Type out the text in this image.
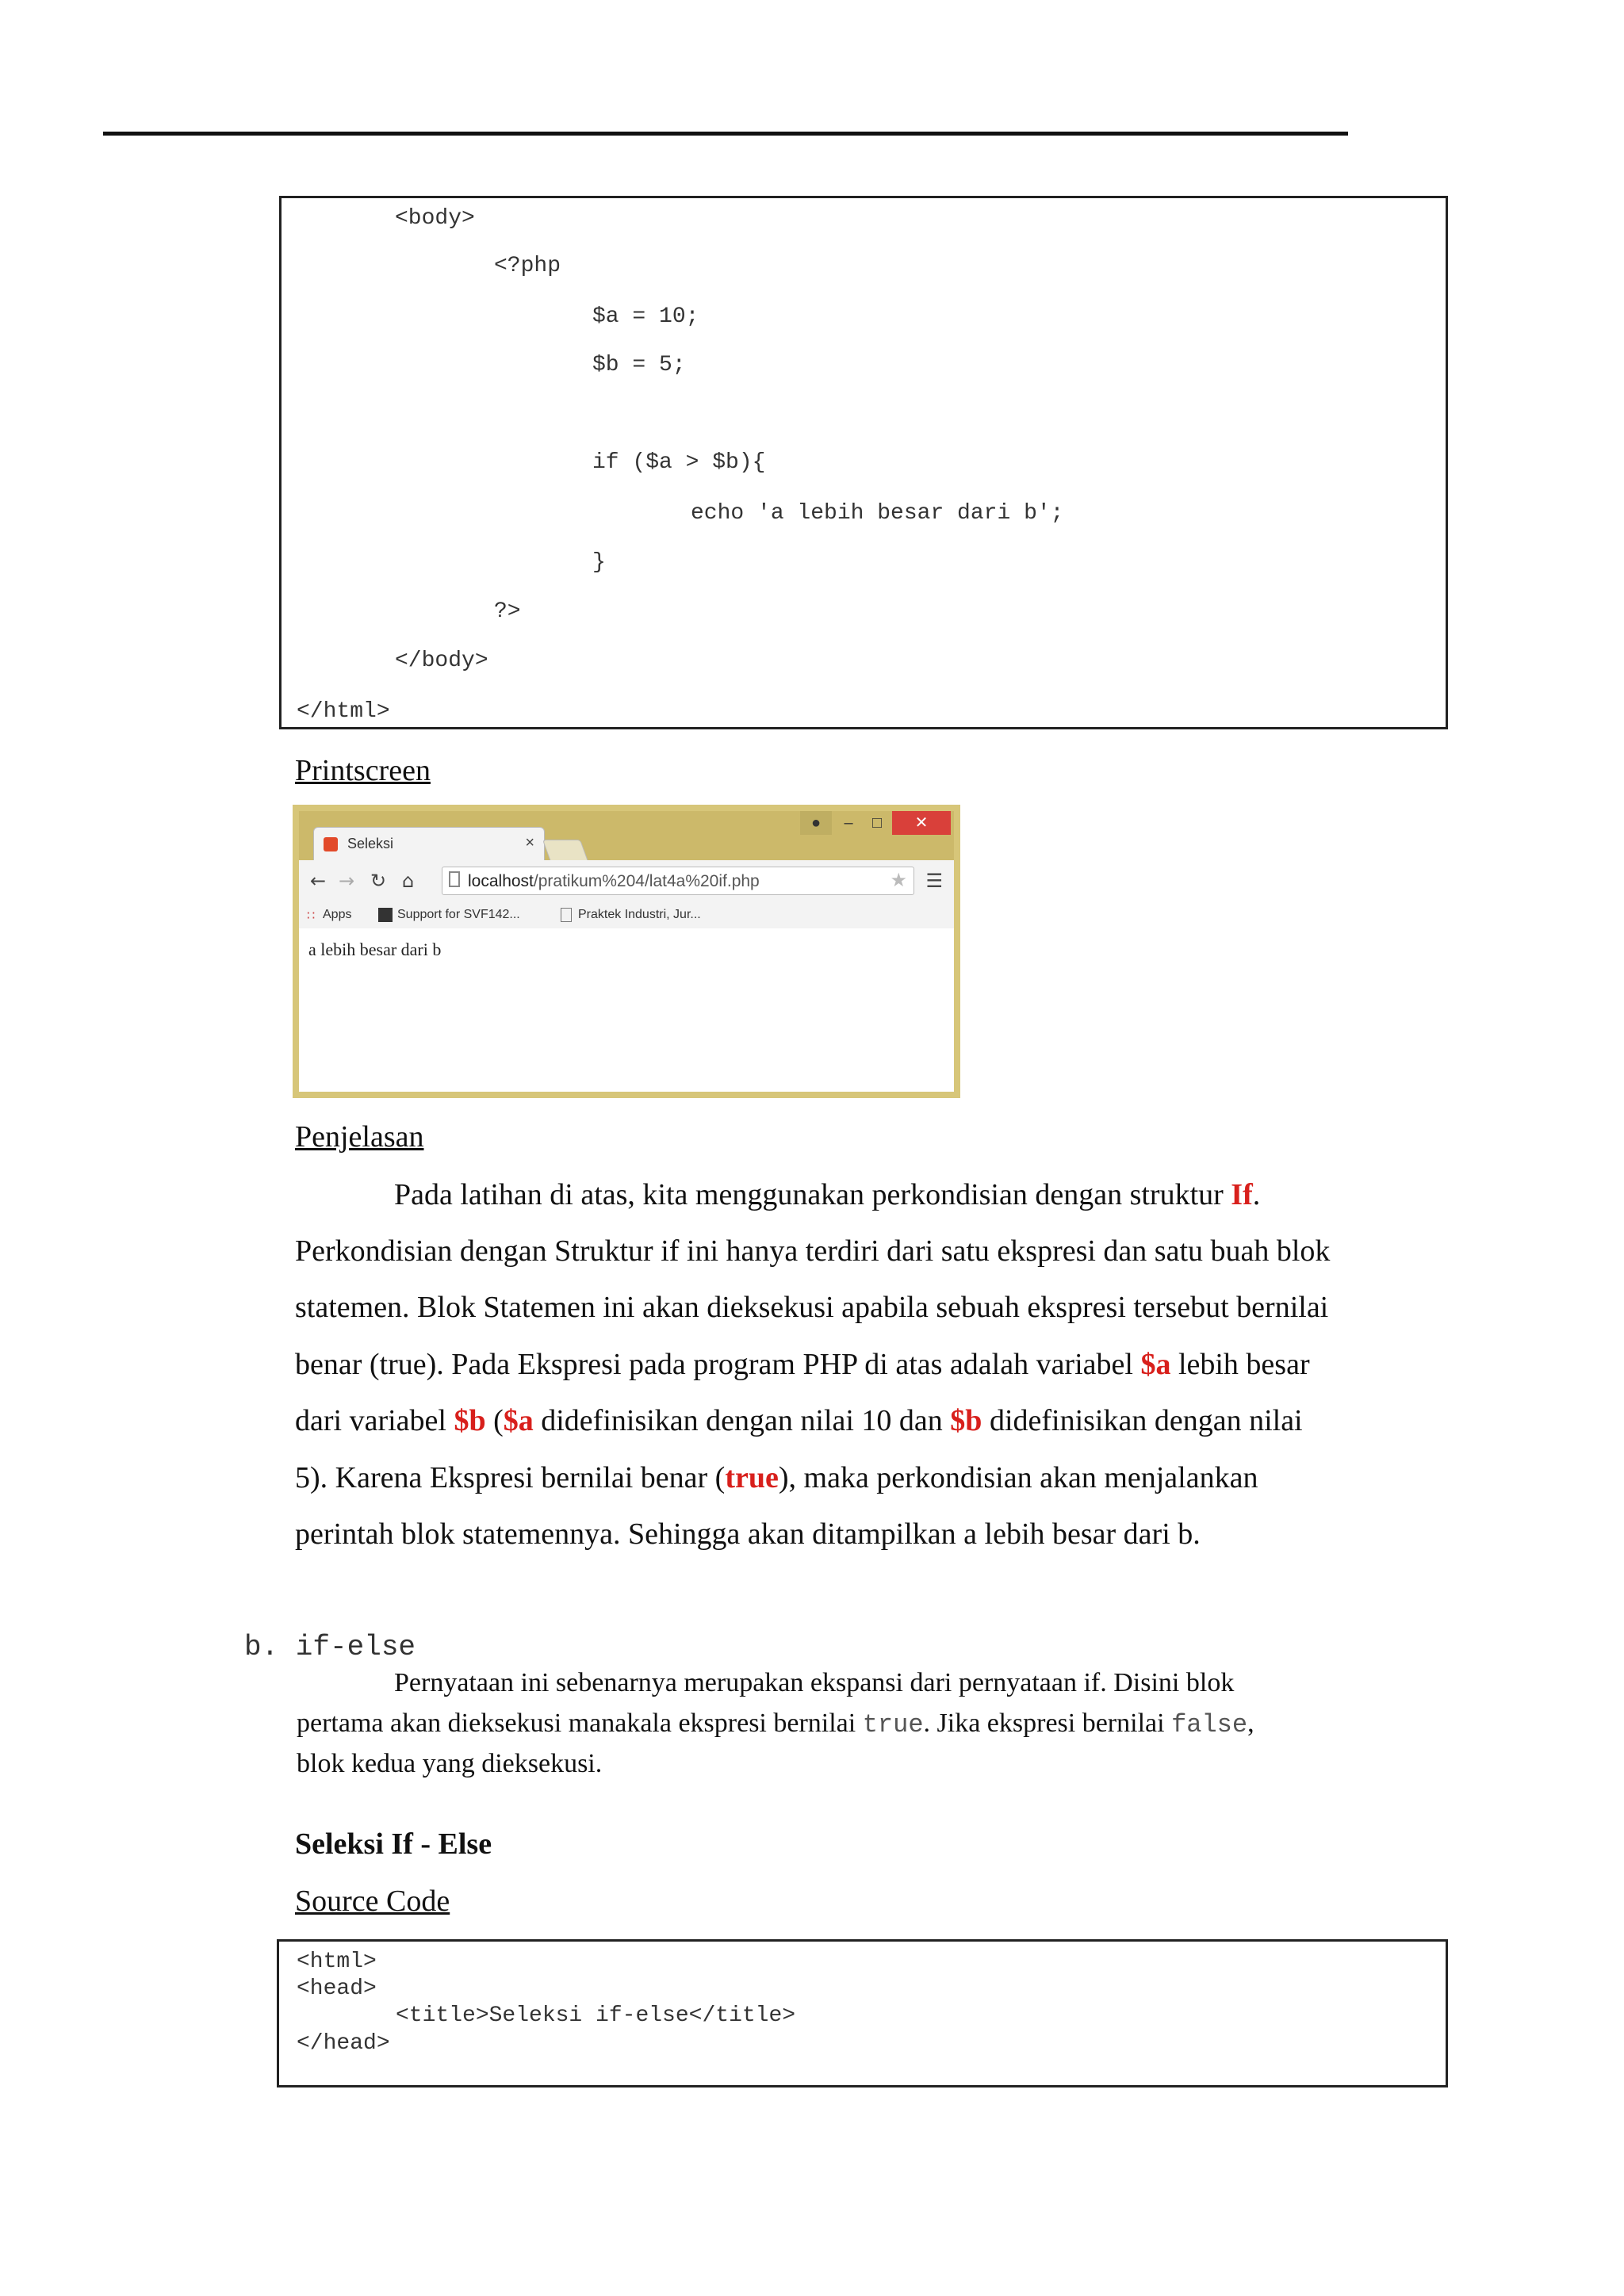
<body>
<?php
$a = 10;
$b = 5;
if ($a > $b){
echo 'a lebih besar dari b';
}
?>
</body>
</html>
Printscreen
●	–	□	✕
Seleksi	×
← → ↻ ⌂	localhost/pratikum%204/lat4a%20if.php	★ ☰
∷ Apps	Support for SVF142...	Praktek Industri, Jur...
a lebih besar dari b
Penjelasan
Pada latihan di atas, kita menggunakan perkondisian dengan struktur If.
Perkondisian dengan Struktur if ini hanya terdiri dari satu ekspresi dan satu buah blok
statemen. Blok Statemen ini akan dieksekusi apabila sebuah ekspresi tersebut bernilai
benar (true). Pada Ekspresi pada program PHP di atas adalah variabel $a lebih besar
dari variabel $b ($a didefinisikan dengan nilai 10 dan $b didefinisikan dengan nilai
5). Karena Ekspresi bernilai benar (true), maka perkondisian akan menjalankan
perintah blok statemennya. Sehingga akan ditampilkan a lebih besar dari b.
b. if-else
Pernyataan ini sebenarnya merupakan ekspansi dari pernyataan if. Disini blok
pertama akan dieksekusi manakala ekspresi bernilai true. Jika ekspresi bernilai false,
blok kedua yang dieksekusi.
Seleksi If - Else
Source Code
<html>
<head>
<title>Seleksi if-else</title>
</head>
